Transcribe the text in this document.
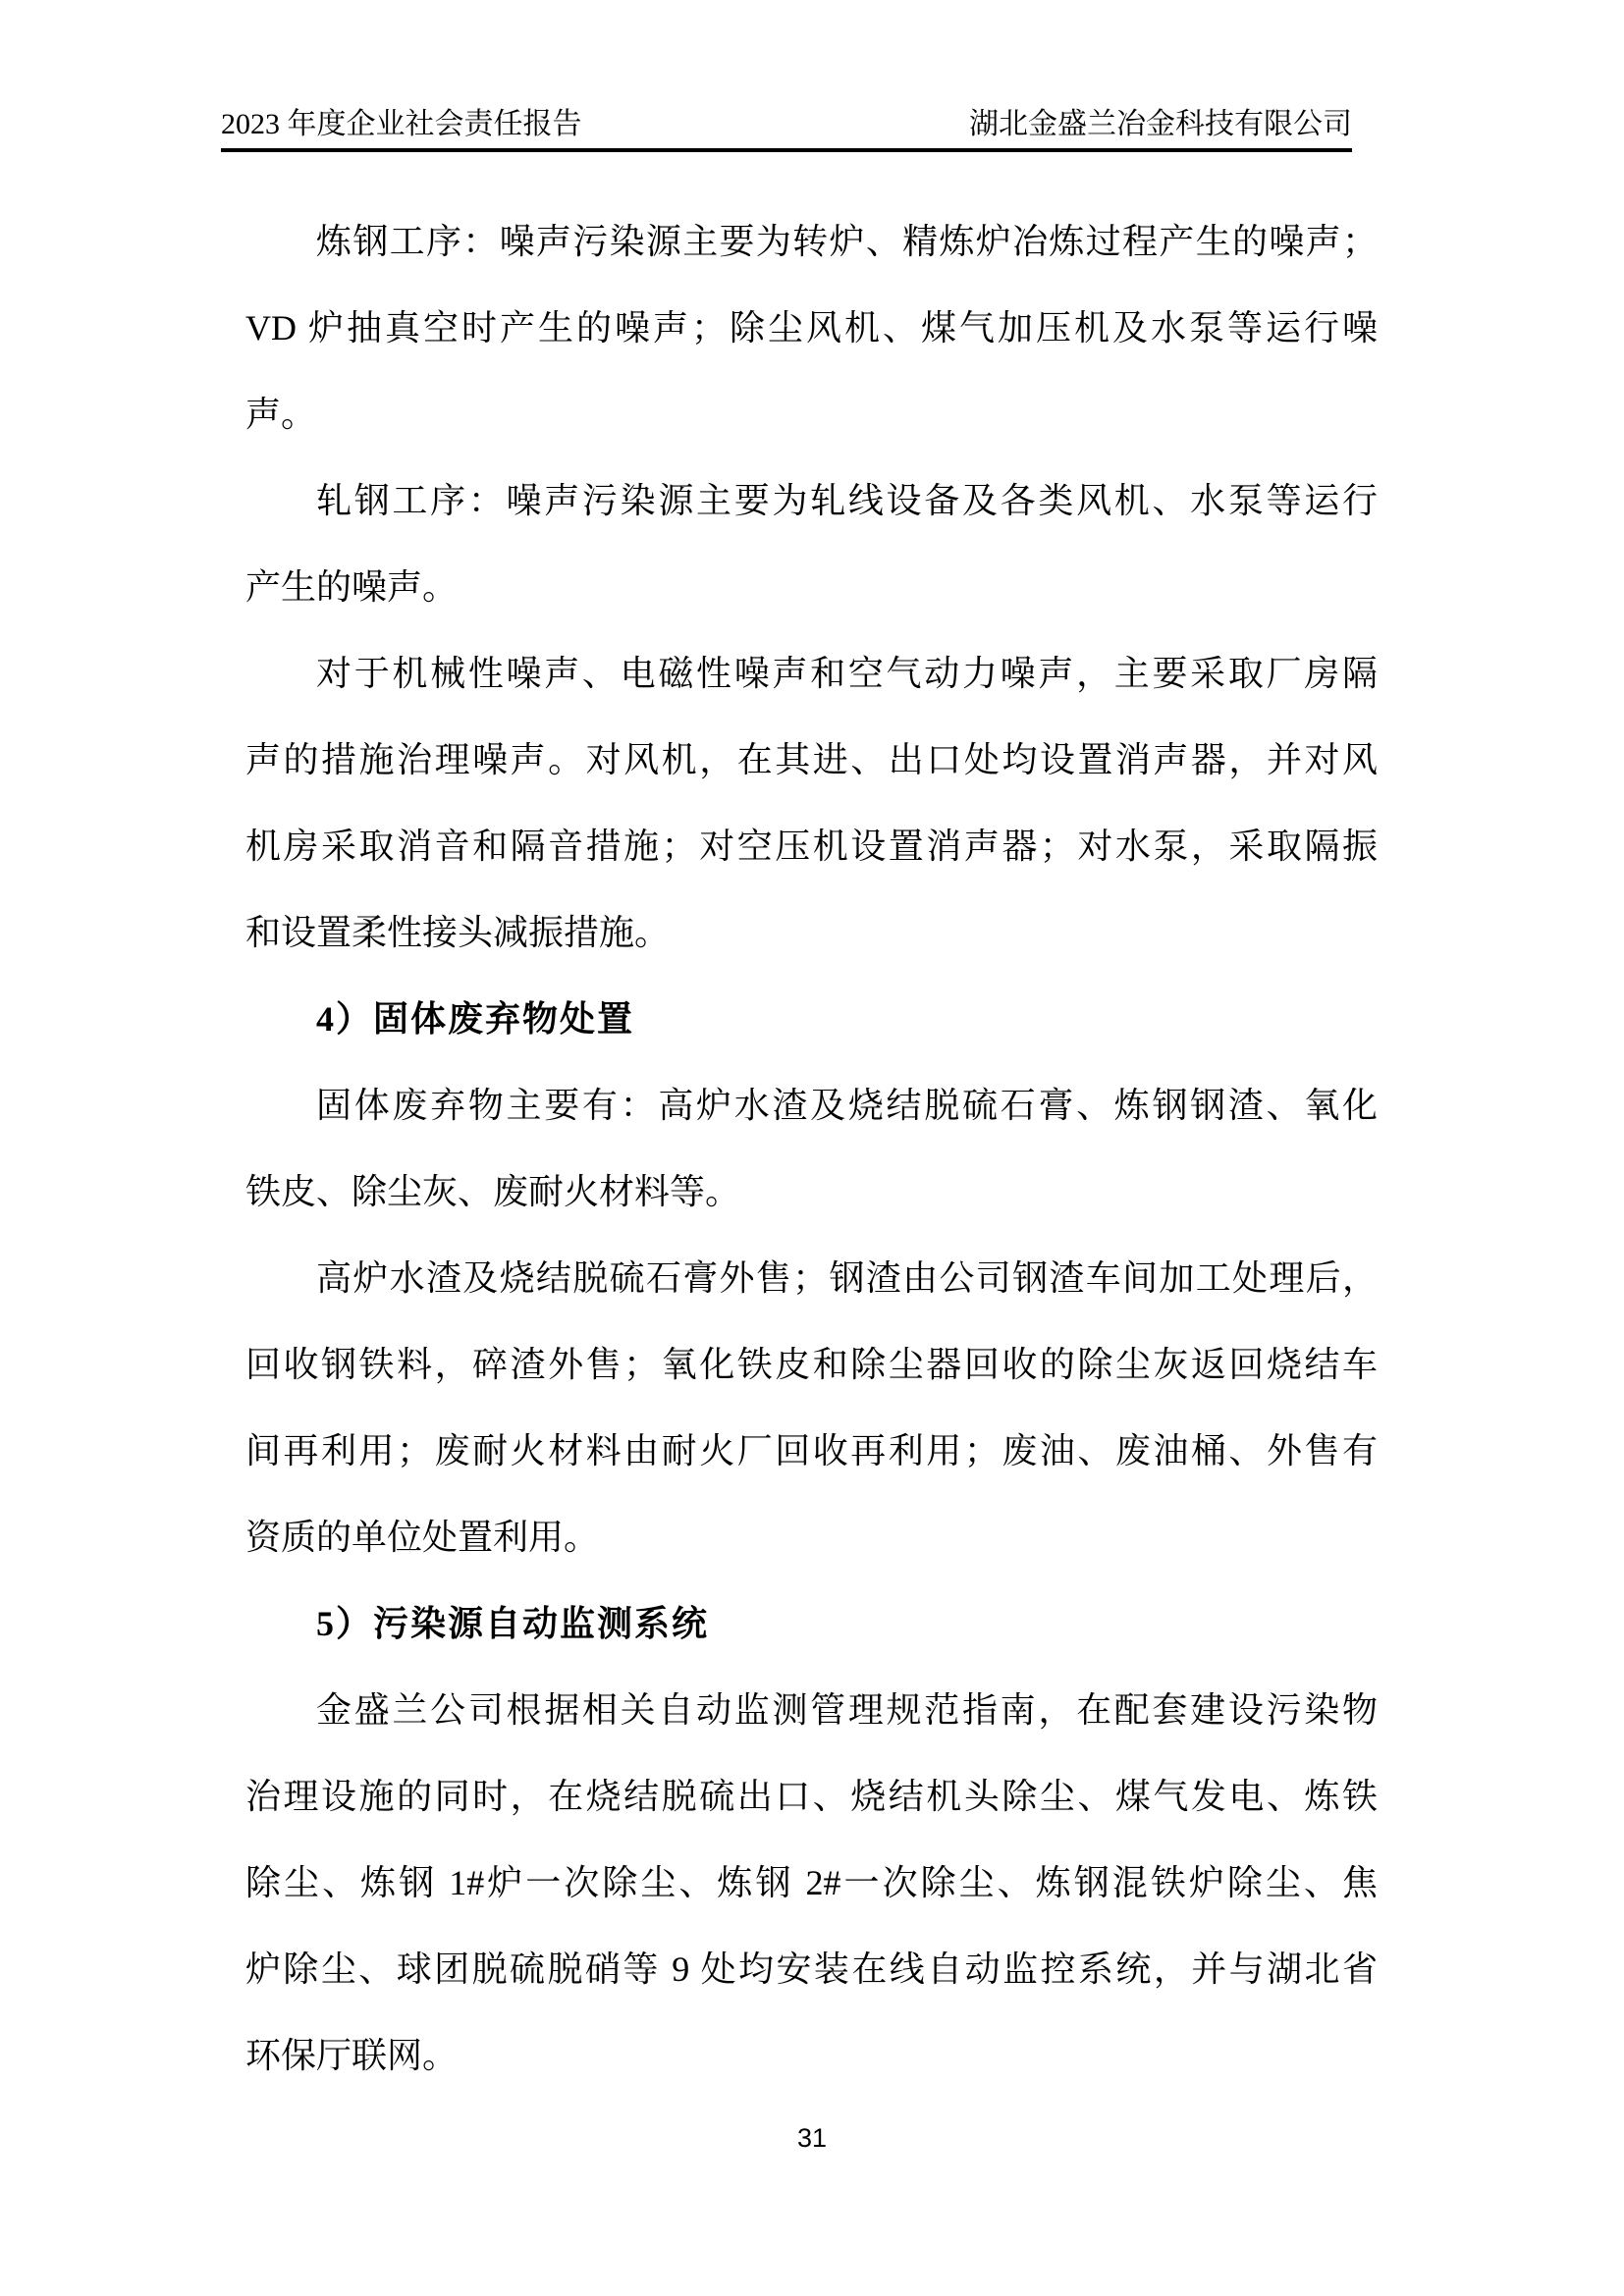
2023 年度企业社会责任报告	湖北金盛兰冶金科技有限公司
炼钢工序：噪声污染源主要为转炉、精炼炉冶炼过程产生的噪声；
VD 炉抽真空时产生的噪声；除尘风机、煤气加压机及水泵等运行噪
声。
轧钢工序：噪声污染源主要为轧线设备及各类风机、水泵等运行
产生的噪声。
对于机械性噪声、电磁性噪声和空气动力噪声，主要采取厂房隔
声的措施治理噪声。对风机，在其进、出口处均设置消声器，并对风
机房采取消音和隔音措施；对空压机设置消声器；对水泵，采取隔振
和设置柔性接头减振措施。
4）固体废弃物处置
固体废弃物主要有：高炉水渣及烧结脱硫石膏、炼钢钢渣、氧化
铁皮、除尘灰、废耐火材料等。
高炉水渣及烧结脱硫石膏外售；钢渣由公司钢渣车间加工处理后，
回收钢铁料，碎渣外售；氧化铁皮和除尘器回收的除尘灰返回烧结车
间再利用；废耐火材料由耐火厂回收再利用；废油、废油桶、外售有
资质的单位处置利用。
5）污染源自动监测系统
金盛兰公司根据相关自动监测管理规范指南，在配套建设污染物
治理设施的同时，在烧结脱硫出口、烧结机头除尘、煤气发电、炼铁
除尘、炼钢 1#炉一次除尘、炼钢 2#一次除尘、炼钢混铁炉除尘、焦
炉除尘、球团脱硫脱硝等 9 处均安装在线自动监控系统，并与湖北省
环保厅联网。
31
